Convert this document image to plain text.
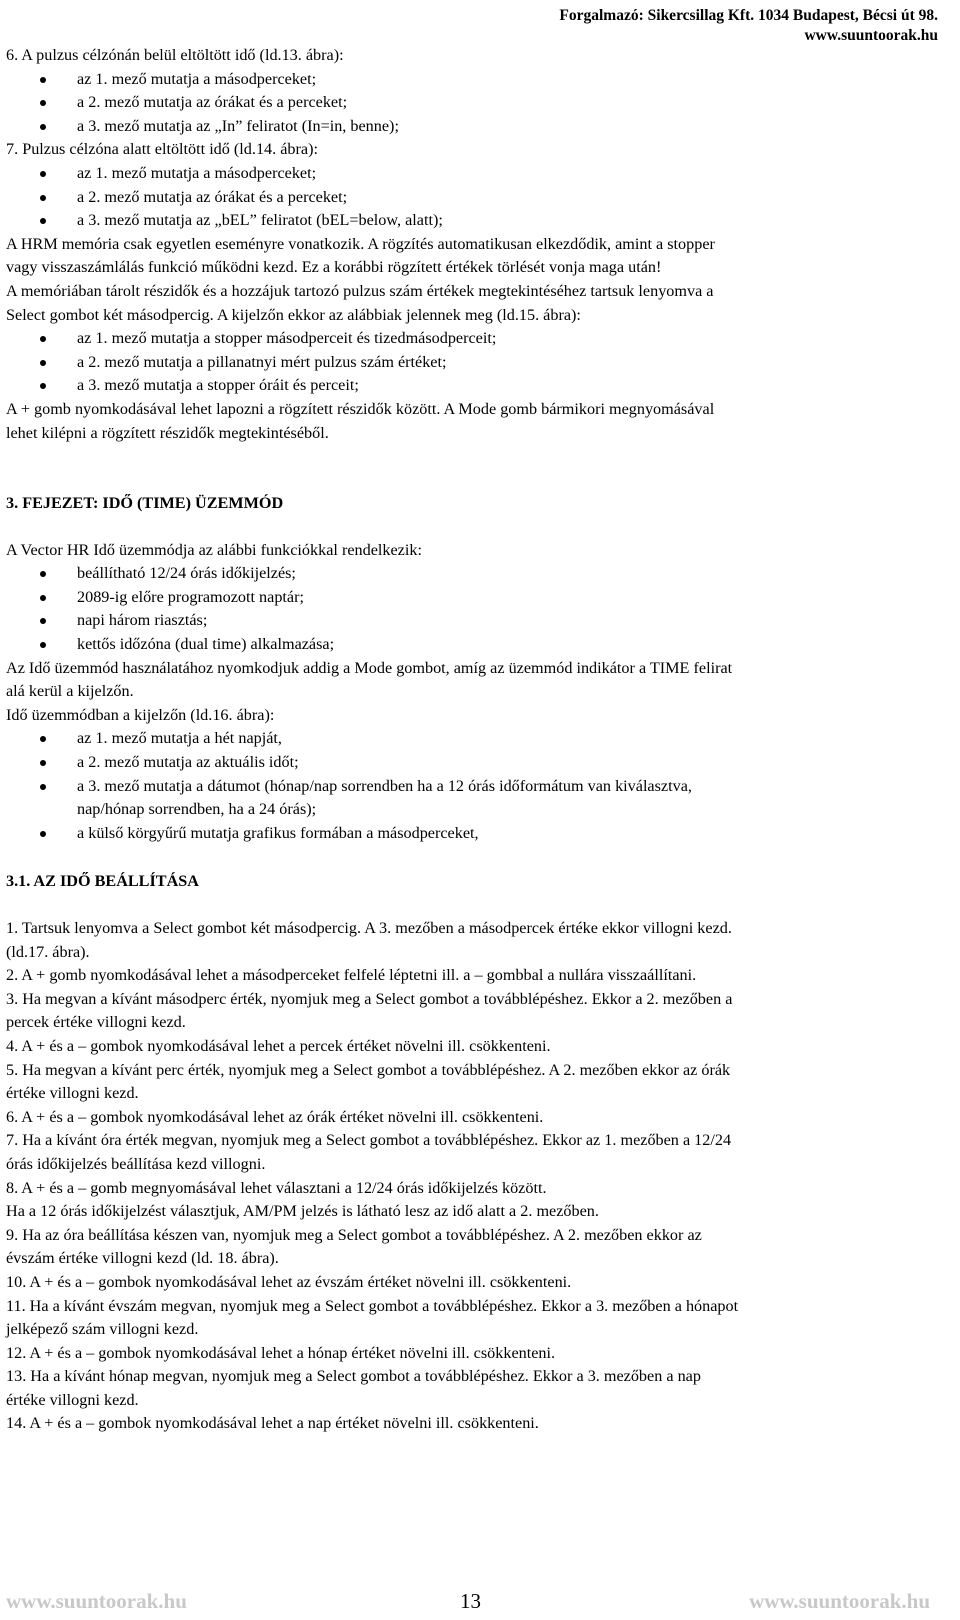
Forgalmazó: Sikercsillag Kft. 1034 Budapest, Bécsi út 98.
www.suuntoorak.hu

6. A pulzus célzónán belül eltöltött idő (ld.13. ábra):

az 1. mező mutatja a másodperceket;

a 2. mező mutatja az órákat és a perceket;

a 3. mező mutatja az „In” feliratot (In=in, benne);

7. Pulzus célzóna alatt eltöltött idő (ld.14. ábra):

az 1. mező mutatja a másodperceket;

a 2. mező mutatja az órákat és a perceket;

a 3. mező mutatja az „bEL” feliratot (bEL=below, alatt);

A HRM memória csak egyetlen eseményre vonatkozik. A rögzítés automatikusan elkezdődik, amint a stopper

vagy visszaszámlálás funkció működni kezd. Ez a korábbi rögzített értékek törlését vonja maga után!

A memóriában tárolt részidők és a hozzájuk tartozó pulzus szám értékek megtekintéséhez tartsuk lenyomva a

Select gombot két másodpercig. A kijelzőn ekkor az alábbiak jelennek meg (ld.15. ábra):

az 1. mező mutatja a stopper másodperceit és tizedmásodperceit;

a 2. mező mutatja a pillanatnyi mért pulzus szám értéket;

a 3. mező mutatja a stopper óráit és perceit;

A + gomb nyomkodásával lehet lapozni a rögzített részidők között. A Mode gomb bármikori megnyomásával

lehet kilépni a rögzített részidők megtekintéséből.

3. FEJEZET: IDŐ (TIME) ÜZEMMÓD

A Vector HR Idő üzemmódja az alábbi funkciókkal rendelkezik:

beállítható 12/24 órás időkijelzés;

2089-ig előre programozott naptár;

napi három riasztás;

kettős időzóna (dual time) alkalmazása;

Az Idő üzemmód használatához nyomkodjuk addig a Mode gombot, amíg az üzemmód indikátor a TIME felirat

alá kerül a kijelzőn.

Idő üzemmódban a kijelzőn (ld.16. ábra):

az 1. mező mutatja a hét napját,

a 2. mező mutatja az aktuális időt;

a 3. mező mutatja a dátumot (hónap/nap sorrendben ha a 12 órás időformátum van kiválasztva,

nap/hónap sorrendben, ha a 24 órás);

a külső körgyűrű mutatja grafikus formában a másodperceket,

3.1. AZ IDŐ BEÁLLÍTÁSA

1. Tartsuk lenyomva a Select gombot két másodpercig. A 3. mezőben a másodpercek értéke ekkor villogni kezd.

(ld.17. ábra).

2. A + gomb nyomkodásával lehet a másodperceket felfelé léptetni ill. a – gombbal a nullára visszaállítani.

3. Ha megvan a kívánt másodperc érték, nyomjuk meg a Select gombot a továbblépéshez. Ekkor a 2. mezőben a

percek értéke villogni kezd.

4. A + és a – gombok nyomkodásával lehet a percek értéket növelni ill. csökkenteni.

5. Ha megvan a kívánt perc érték, nyomjuk meg a Select gombot a továbblépéshez. A 2. mezőben ekkor az órák

értéke villogni kezd.

6. A + és a – gombok nyomkodásával lehet az órák értéket növelni ill. csökkenteni.

7. Ha a kívánt óra érték megvan, nyomjuk meg a Select gombot a továbblépéshez. Ekkor az 1. mezőben a 12/24

órás időkijelzés beállítása kezd villogni.

8. A + és a – gomb megnyomásával lehet választani a 12/24 órás időkijelzés között.

Ha a 12 órás időkijelzést választjuk, AM/PM jelzés is látható lesz az idő alatt a 2. mezőben.

9. Ha az óra beállítása készen van, nyomjuk meg a Select gombot a továbblépéshez. A 2. mezőben ekkor az

évszám értéke villogni kezd (ld. 18. ábra).

10. A + és a – gombok nyomkodásával lehet az évszám értéket növelni ill. csökkenteni.

11. Ha a kívánt évszám megvan, nyomjuk meg a Select gombot a továbblépéshez. Ekkor a 3. mezőben a hónapot

jelképező szám villogni kezd.

12. A + és a – gombok nyomkodásával lehet a hónap értéket növelni ill. csökkenteni.

13. Ha a kívánt hónap megvan, nyomjuk meg a Select gombot a továbblépéshez. Ekkor a 3. mezőben a nap

értéke villogni kezd.

14. A + és a – gombok nyomkodásával lehet a nap értéket növelni ill. csökkenteni.

www.suuntoorak.hu	13	www.suuntoorak.hu
